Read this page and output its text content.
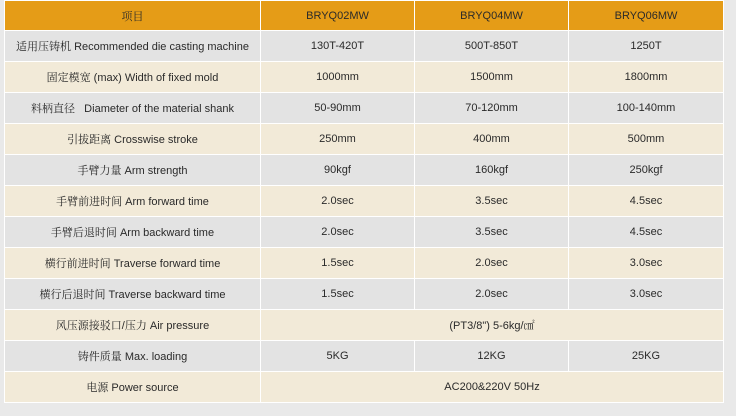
项目	BRYQ02MW	BRYQ04MW	BRYQ06MW
适用压铸机 Recommended die casting machine	130T-420T	500T-850T	1250T
固定模宽 (max) Width of fixed mold	1000mm	1500mm	1800mm
料柄直径   Diameter of the material shank	50-90mm	70-120mm	100-140mm
引拔距离 Crosswise stroke	250mm	400mm	500mm
手臂力量 Arm strength	90kgf	160kgf	250kgf
手臂前进时间 Arm forward time	2.0sec	3.5sec	4.5sec
手臂后退时间 Arm backward time	2.0sec	3.5sec	4.5sec
横行前进时间 Traverse forward time	1.5sec	2.0sec	3.0sec
横行后退时间 Traverse backward time	1.5sec	2.0sec	3.0sec
风压源接驳口/压力 Air pressure	(PT3/8") 5-6kg/㎠		
铸件质量 Max. loading	5KG	12KG	25KG
电源 Power source	AC200&220V 50Hz		
